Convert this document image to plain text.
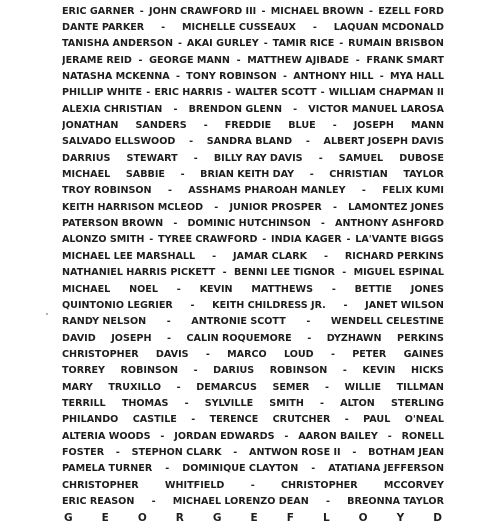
ERIC GARNER - JOHN CRAWFORD III - MICHAEL BROWN - EZELL FORD
DANTE PARKER - MICHELLE CUSSEAUX - LAQUAN MCDONALD
TANISHA ANDERSON - AKAI GURLEY - TAMIR RICE - RUMAIN BRISBON
JERAME REID - GEORGE MANN - MATTHEW AJIBADE - FRANK SMART
NATASHA MCKENNA - TONY ROBINSON - ANTHONY HILL - MYA HALL
PHILLIP WHITE - ERIC HARRIS - WALTER SCOTT - WILLIAM CHAPMAN II
ALEXIA CHRISTIAN - BRENDON GLENN - VICTOR MANUEL LAROSA
JONATHAN SANDERS - FREDDIE BLUE - JOSEPH MANN
SALVADO ELLSWOOD - SANDRA BLAND - ALBERT JOSEPH DAVIS
DARRIUS STEWART - BILLY RAY DAVIS - SAMUEL DUBOSE
MICHAEL SABBIE - BRIAN KEITH DAY - CHRISTIAN TAYLOR
TROY ROBINSON - ASSHAMS PHAROAH MANLEY - FELIX KUMI
KEITH HARRISON MCLEOD - JUNIOR PROSPER - LAMONTEZ JONES
PATERSON BROWN - DOMINIC HUTCHINSON - ANTHONY ASHFORD
ALONZO SMITH - TYREE CRAWFORD - INDIA KAGER - LA'VANTE BIGGS
MICHAEL LEE MARSHALL - JAMAR CLARK - RICHARD PERKINS
NATHANIEL HARRIS PICKETT - BENNI LEE TIGNOR - MIGUEL ESPINAL
MICHAEL NOEL - KEVIN MATTHEWS - BETTIE JONES
QUINTONIO LEGRIER - KEITH CHILDRESS JR. - JANET WILSON
RANDY NELSON - ANTRONIE SCOTT - WENDELL CELESTINE
DAVID JOSEPH - CALIN ROQUEMORE - DYZHAWN PERKINS
CHRISTOPHER DAVIS - MARCO LOUD - PETER GAINES
TORREY ROBINSON - DARIUS ROBINSON - KEVIN HICKS
MARY TRUXILLO - DEMARCUS SEMER - WILLIE TILLMAN
TERRILL THOMAS - SYLVILLE SMITH - ALTON STERLING
PHILANDO CASTILE - TERENCE CRUTCHER - PAUL O'NEAL
ALTERIA WOODS - JORDAN EDWARDS - AARON BAILEY - RONELL
FOSTER - STEPHON CLARK - ANTWON ROSE II - BOTHAM JEAN
PAMELA TURNER - DOMINIQUE CLAYTON - ATATIANA JEFFERSON
CHRISTOPHER	WHITFIELD	-	CHRISTOPHER	MCCORVEY
ERIC REASON - MICHAEL LORENZO DEAN - BREONNA TAYLOR
G	E	O	R	G	E	F	L	O	Y	D
